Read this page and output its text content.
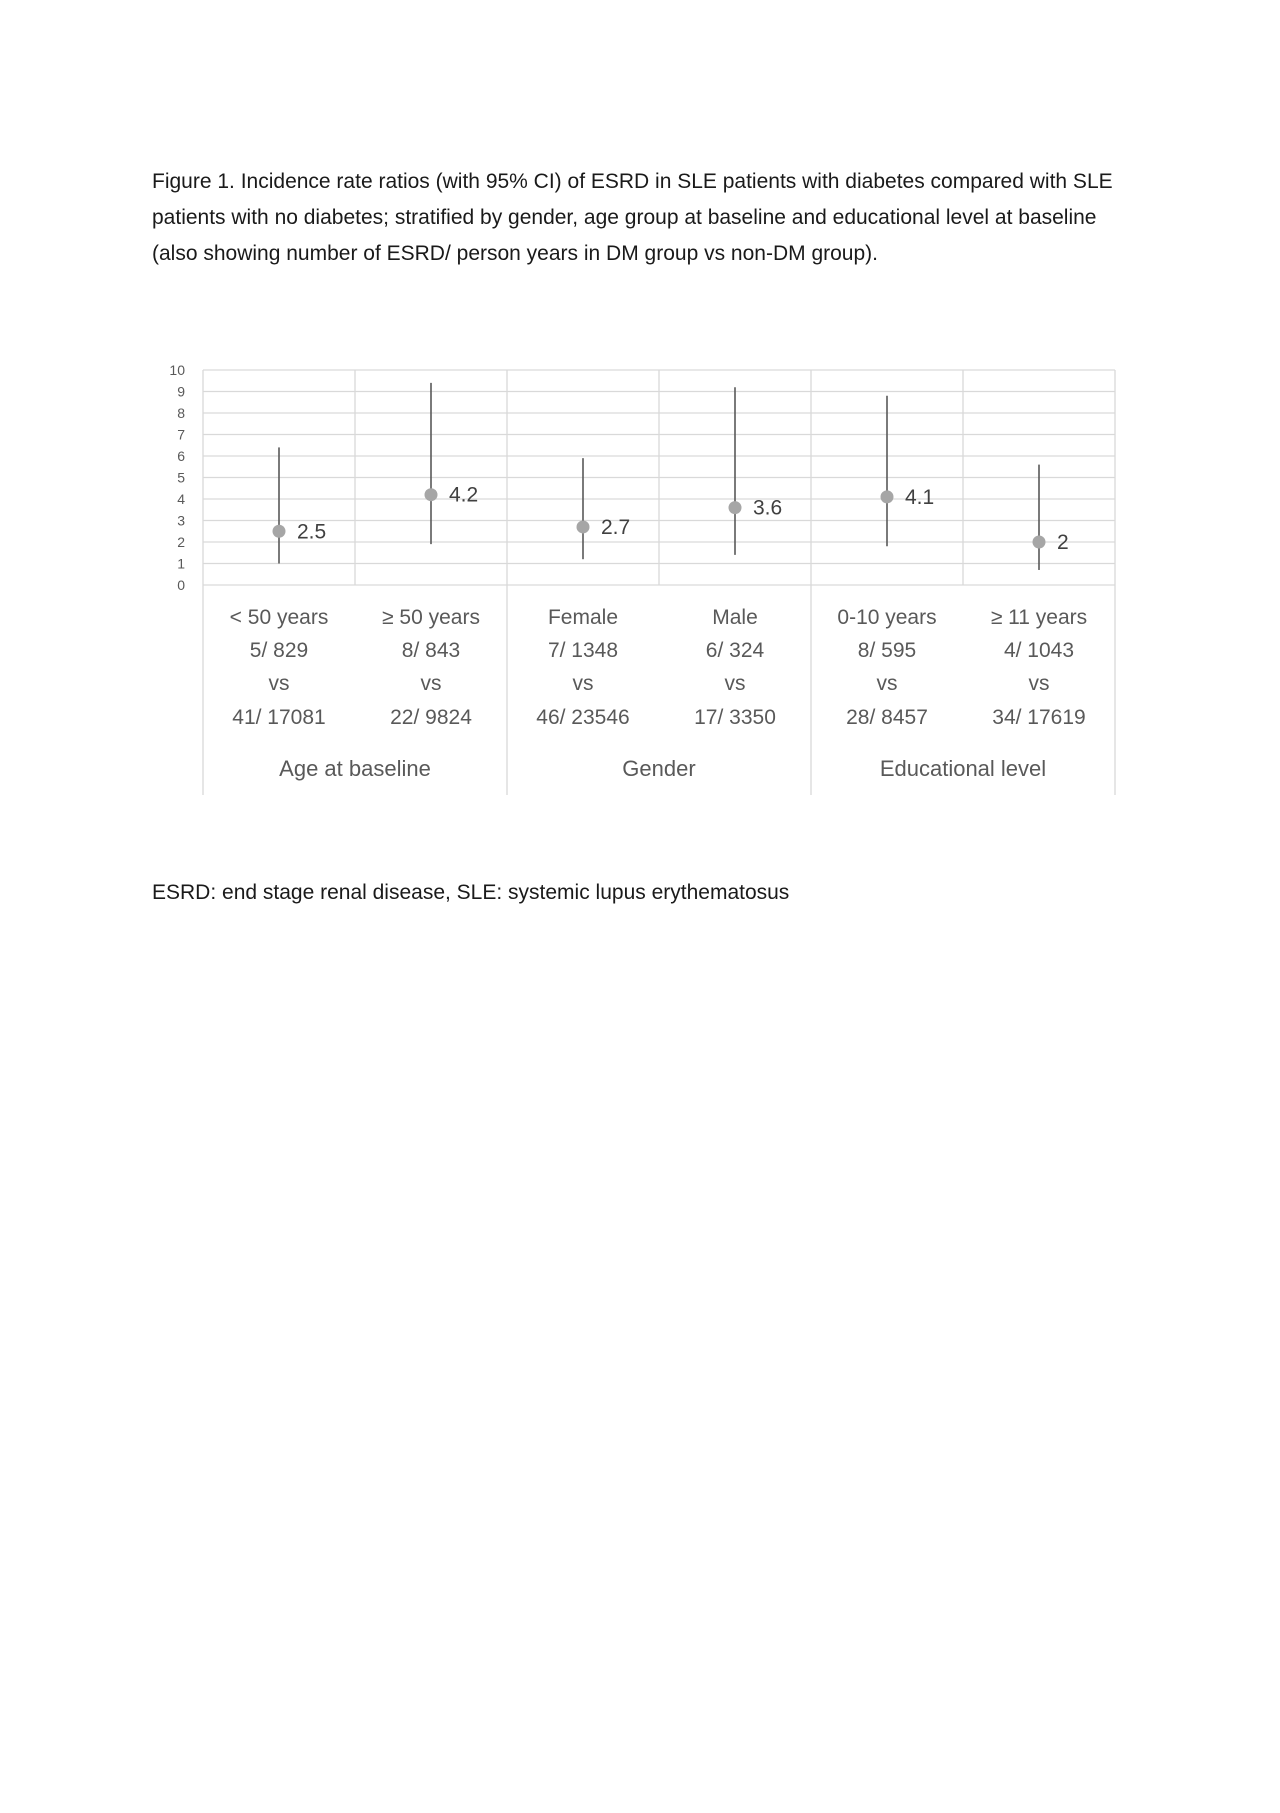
Figure 1. Incidence rate ratios (with 95% CI) of ESRD in SLE patients with diabetes compared with SLE patients with no diabetes; stratified by gender, age group at baseline and educational level at baseline (also showing number of ESRD/ person years in DM group vs non-DM group).

0
1
2
3
4
5
6
7
8
9
10
2.5
4.2
2.7
3.6	4.1
2
< 50 years
5/ 829
vs
41/ 17081
≥ 50 years
8/ 843
vs
22/ 9824
Female
7/ 1348
vs
46/ 23546
Male
6/ 324
vs
17/ 3350
0-10 years
8/ 595
vs
28/ 8457
≥ 11 years
4/ 1043
vs
34/ 17619
Age at baseline	Gender	Educational level

ESRD: end stage renal disease, SLE: systemic lupus erythematosus
